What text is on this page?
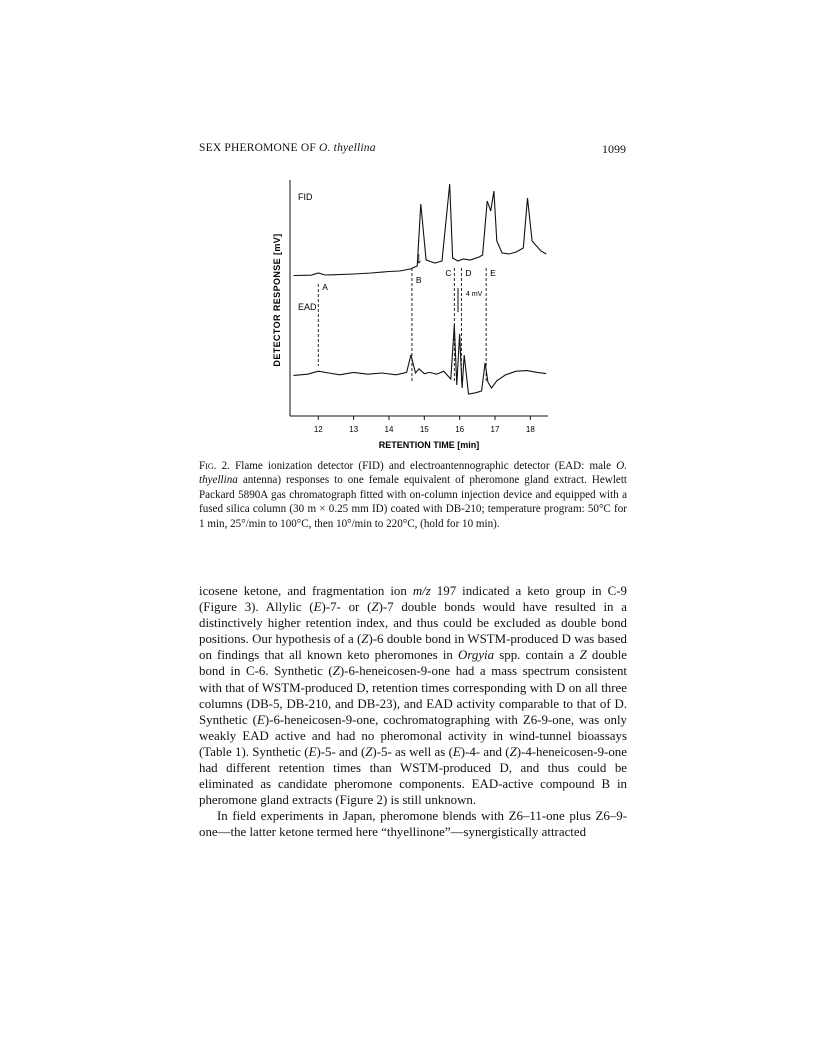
SEX PHEROMONE OF O. thyellina	1099
12	13	14	15	16	17	18
DETECTOR RESPONSE [mV]
RETENTION TIME [min]
FID
EAD
↓
A
B
C D E
4 mV
Fig. 2. Flame ionization detector (FID) and electroantennographic detector (EAD: male O. thyellina antenna) responses to one female equivalent of pheromone gland extract. Hewlett Packard 5890A gas chromatograph fitted with on-column injection device and equipped with a fused silica column (30 m × 0.25 mm ID) coated with DB-210; temperature program: 50°C for 1 min, 25°/min to 100°C, then 10°/min to 220°C, (hold for 10 min).

icosene ketone, and fragmentation ion m/z 197 indicated a keto group in C-9 (Figure 3). Allylic (E)-7- or (Z)-7 double bonds would have resulted in a distinctively higher retention index, and thus could be excluded as double bond positions. Our hypothesis of a (Z)-6 double bond in WSTM-produced D was based on findings that all known keto pheromones in Orgyia spp. contain a Z double bond in C-6. Synthetic (Z)-6-heneicosen-9-one had a mass spectrum consistent with that of WSTM-produced D, retention times corresponding with D on all three columns (DB-5, DB-210, and DB-23), and EAD activity comparable to that of D. Synthetic (E)-6-heneicosen-9-one, cochromatographing with Z6-9-one, was only weakly EAD active and had no pheromonal activity in wind-tunnel bioassays (Table 1). Synthetic (E)-5- and (Z)-5- as well as (E)-4- and (Z)-4-heneicosen-9-one had different retention times than WSTM-produced D, and thus could be eliminated as candidate pheromone components. EAD-active compound B in pheromone gland extracts (Figure 2) is still unknown.

In field experiments in Japan, pheromone blends with Z6–11-one plus Z6–9-one—the latter ketone termed here “thyellinone”—synergistically attracted
